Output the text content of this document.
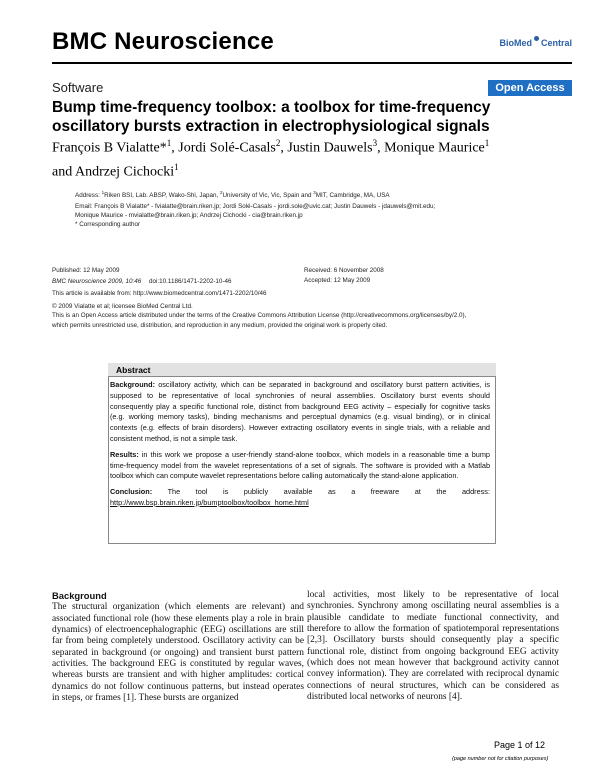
BMC Neuroscience	BioMed Central
Software	Open Access
Bump time-frequency toolbox: a toolbox for time-frequency
oscillatory bursts extraction in electrophysiological signals
François B Vialatte*$^1$, Jordi Solé-Casals$^2$, Justin Dauwels$^3$, Monique Maurice$^1$
and Andrzej Cichocki$^1$
Address: $^1$Riken BSI, Lab. ABSP, Wako-Shi, Japan, $^2$University of Vic, Vic, Spain and $^3$MIT, Cambridge, MA, USA
Email: François B Vialatte* - fvialatte@brain.riken.jp; Jordi Solé-Casals - jordi.sole@uvic.cat; Justin Dauwels - jdauwels@mit.edu;
Monique Maurice - mvialatte@brain.riken.jp; Andrzej Cichocki - cia@brain.riken.jp
* Corresponding author
Published: 12 May 2009	Received: 6 November 2008
BMC Neuroscience 2009, 10:46 doi:10.1186/1471-2202-10-46	Accepted: 12 May 2009
This article is available from: http://www.biomedcentral.com/1471-2202/10/46
© 2009 Vialatte et al; licensee BioMed Central Ltd.
This is an Open Access article distributed under the terms of the Creative Commons Attribution License (http://creativecommons.org/licenses/by/2.0),
which permits unrestricted use, distribution, and reproduction in any medium, provided the original work is properly cited.
Abstract

Background: oscillatory activity, which can be separated in background and oscillatory burst pattern activities, is supposed to be representative of local synchronies of neural assemblies. Oscillatory burst events should consequently play a specific functional role, distinct from background EEG activity – especially for cognitive tasks (e.g. working memory tasks), binding mechanisms and perceptual dynamics (e.g. visual binding), or in clinical contexts (e.g. effects of brain disorders). However extracting oscillatory events in single trials, with a reliable and consistent method, is not a simple task.

Results: in this work we propose a user-friendly stand-alone toolbox, which models in a reasonable time a bump time-frequency model from the wavelet representations of a set of signals. The software is provided with a Matlab toolbox which can compute wavelet representations before calling automatically the stand-alone application.

Conclusion: The tool is publicly available as a freeware at the address: http://www.bsp.brain.riken.jp/bumptoolbox/toolbox_home.html

Background
The structural organization (which elements are relevant) and associated functional role (how these elements play a role in brain dynamics) of electroencephalographic (EEG) oscillations are still far from being completely understood. Oscillatory activity can be separated in background (or ongoing) and transient burst pattern activities. The background EEG is constituted by regular waves, whereas bursts are transient and with higher amplitudes: cortical dynamics do not follow continuous patterns, but instead operates in steps, or frames [1]. These bursts are organized
local activities, most likely to be representative of local synchronies. Synchrony among oscillating neural assemblies is a plausible candidate to mediate functional connectivity, and therefore to allow the formation of spatiotemporal representations [2,3]. Oscillatory bursts should consequently play a specific functional role, distinct from ongoing background EEG activity (which does not mean however that background activity cannot convey information). They are correlated with reciprocal dynamic connections of neural structures, which can be considered as distributed local networks of neurons [4].
Page 1 of 12
(page number not for citation purposes)
